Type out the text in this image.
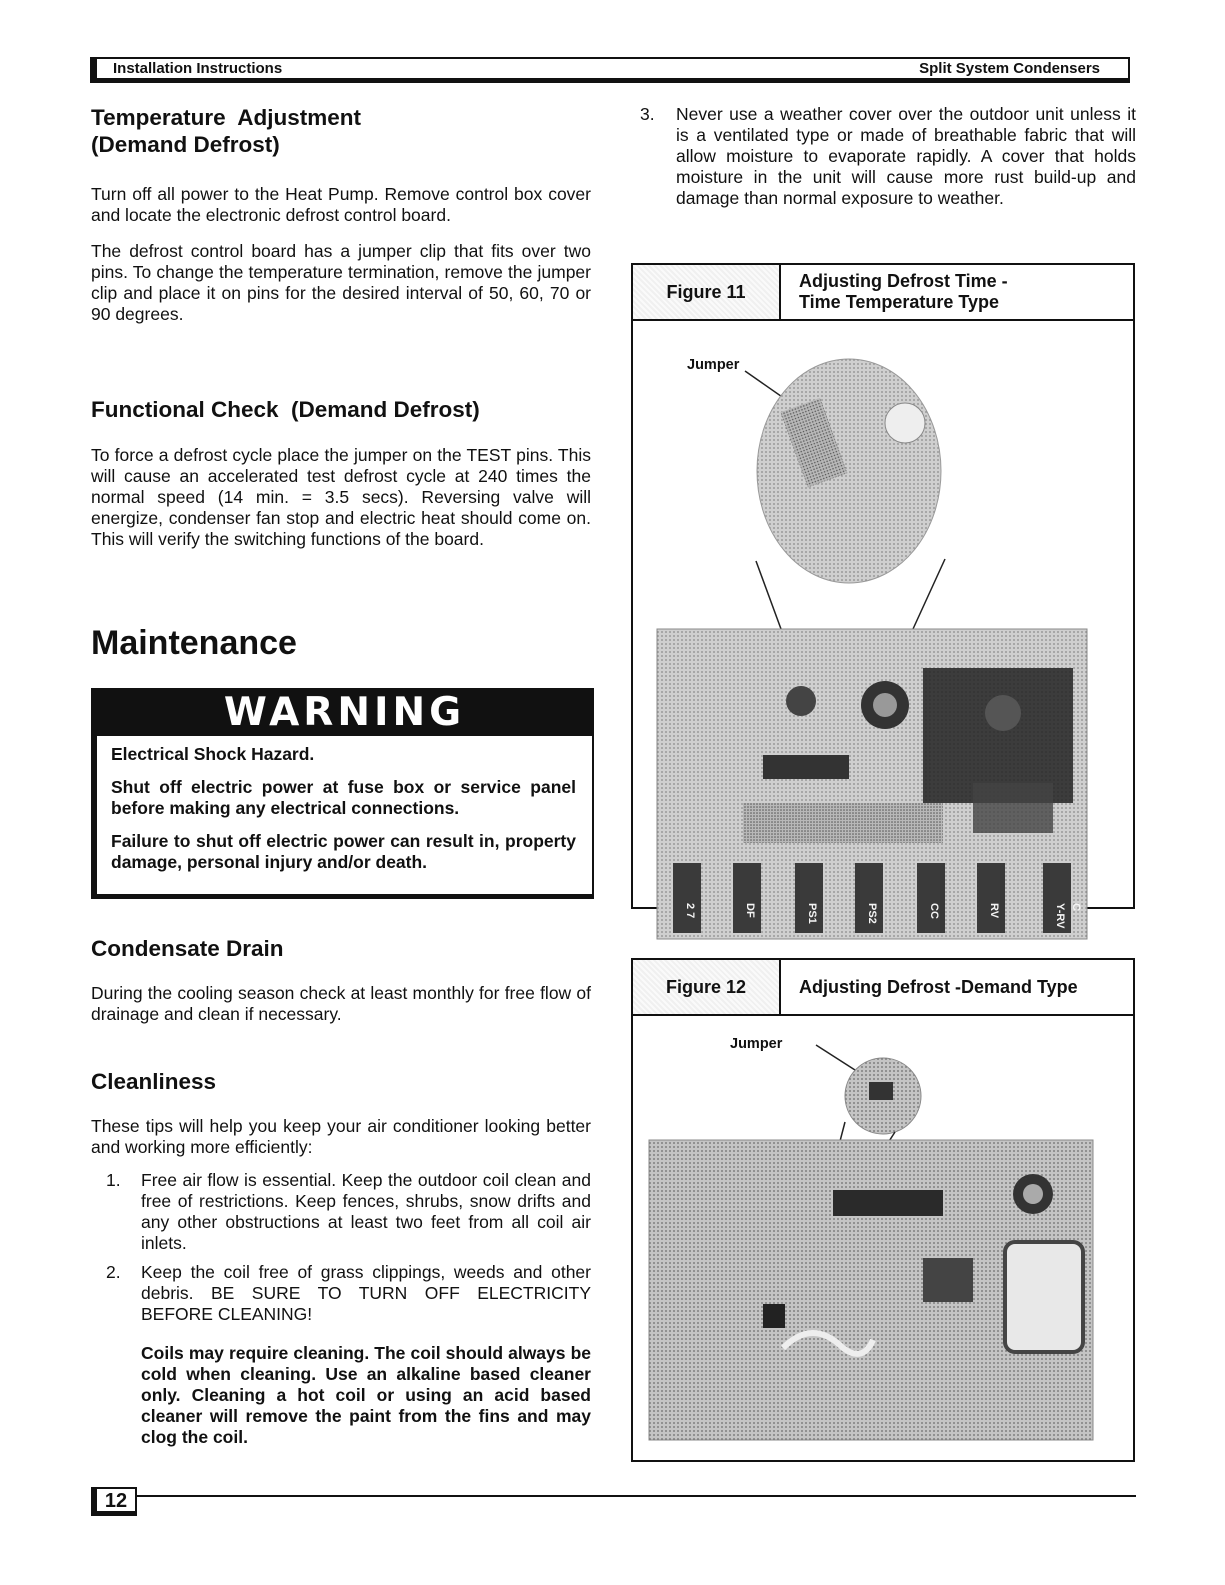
Installation Instructions	Split System Condensers
Temperature  Adjustment
(Demand Defrost)

Turn off all power to the Heat Pump. Remove control box cover and locate the electronic defrost control board.

The defrost control board has a jumper clip that fits over two pins. To change the temperature termination, remove the jumper clip and place it on pins for the desired interval of 50, 60, 70 or 90 degrees.

Functional Check  (Demand Defrost)

To force a defrost cycle place the jumper on the TEST pins. This will cause an accelerated test defrost cycle at 240 times the normal speed (14 min. = 3.5 secs). Reversing valve will energize, condenser fan stop and electric heat should come on. This will verify the switching functions of the board.

Maintenance
WARNING

Electrical Shock Hazard.

Shut off electric power at fuse box or service panel before making any electrical connections.

Failure to shut off electric power can result in, property damage, personal injury and/or death.

Condensate Drain

During the cooling season check at least monthly for free flow of drainage and clean if necessary.

Cleanliness

These tips will help you keep your air conditioner looking better and working more efficiently:

1. Free air flow is essential. Keep the outdoor coil clean and free of restrictions. Keep fences, shrubs, snow drifts and any other obstructions at least two feet from all coil air inlets.
2. Keep the coil free of grass clippings, weeds and other debris. BE SURE TO TURN OFF ELECTRICITY BEFORE CLEANING!

Coils may require cleaning. The coil should always be cold when cleaning. Use an alkaline based cleaner only. Cleaning a hot coil or using an acid based cleaner will remove the paint from the fins and may clog the coil.

3. Never use a weather cover over the outdoor unit unless it is a ventilated type or made of breathable fabric that will allow moisture to evaporate rapidly. A cover that holds moisture in the unit will cause more rust build-up and damage than normal exposure to weather.
Figure 11
Adjusting Defrost Time -
Time Temperature Type
Jumper
2 7	DF	PS1	PS2	CC	RV	Y-RV C
Figure 12	Adjusting Defrost -Demand Type
Jumper
12
